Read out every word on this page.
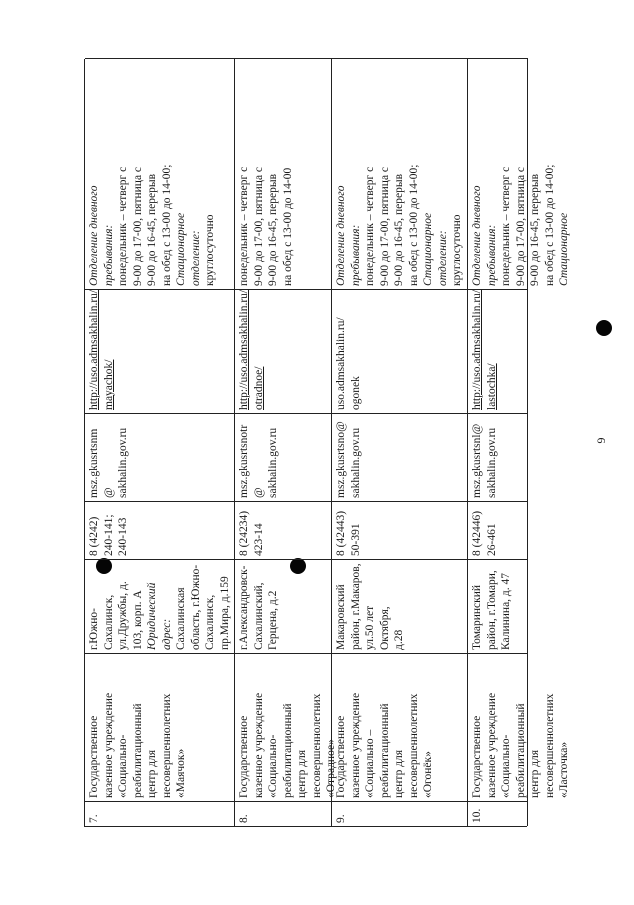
6
7.
Государственное
казенное учреждение
«Социально-
реабилитационный
центр для
несовершеннолетних
«Маячок»
г.Южно-
Сахалинск,
ул.Дружбы, д.
103, корп. А Юридический
адрес: Сахалинская
область, г.Южно-
Сахалинск,
пр.Мира, д.159
8 (4242)
240-141;
240-143
msz.gkusrtsnm
@
sakhalin.gov.ru
http://uso.admsakhalin.ru/
mayachok/
Отделение дневного
пребывания: понедельник – четверг с
9-00 до 17-00, пятница с
9-00 до 16-45, перерыв
на обед с 13-00 до 14-00;
Стационарное
отделение: круглосуточно
8.
Государственное
казенное учреждение
«Социально-
реабилитационный
центр для
несовершеннолетних
«Отрадное»
г.Александровск-
Сахалинский,
Герцена, д.2
8 (24234)
423-14
msz.gkusrtsnotr
@
sakhalin.gov.ru
http://uso.admsakhalin.ru/
otradnoe/
понедельник – четверг с
9-00 до 17-00, пятница с
9-00 до 16-45, перерыв
на обед с 13-00 до 14-00
9.
Государственное
казенное учреждение
«Социально –
реабилитационный
центр для
несовершеннолетних
«Огонёк»
Макаровский
район, г.Макаров,
ул.50 лет Октября,
д.28
8 (42443)
50-391
msz.gkusrtsno@
sakhalin.gov.ru
uso.admsakhalin.ru/
ogonek
Отделение дневного
пребывания: понедельник – четверг с
9-00 до 17-00, пятница с
9-00 до 16-45, перерыв
на обед с 13-00 до 14-00;
Стационарное
отделение: круглосуточно
10.
Государственное
казенное учреждение
«Социально-
реабилитационный
центр для
несовершеннолетних
«Ласточка»
Томаринский
район, г.Томари,
Калинина, д. 47
8 (42446)
26-461
msz.gkusrtsnl@
sakhalin.gov.ru
http://uso.admsakhalin.ru/
lastochka/
Отделение дневного
пребывания: понедельник – четверг с
9-00 до 17-00, пятница с
9-00 до 16-45, перерыв
на обед с 13-00 до 14-00;
Стационарное
